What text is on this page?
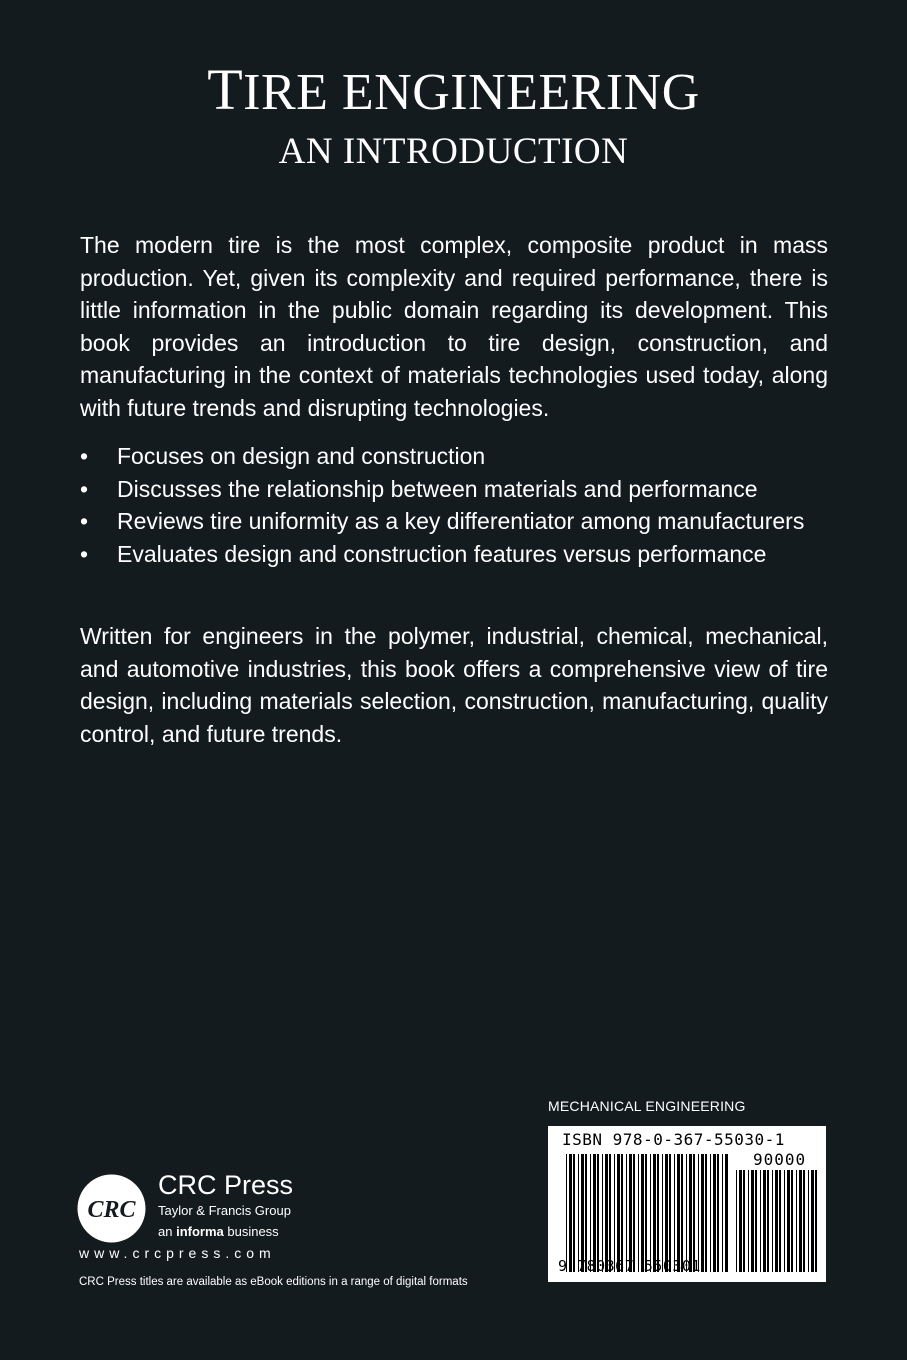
TIRE ENGINEERING
AN INTRODUCTION

The modern tire is the most complex, composite product in mass production. Yet, given its complexity and required performance, there is little information in the public domain regarding its development. This book provides an introduction to tire design, construction, and manufacturing in the context of materials technologies used today, along with future trends and disrupting technologies.

• Focuses on design and construction
• Discusses the relationship between materials and performance
• Reviews tire uniformity as a key differentiator among manufacturers
• Evaluates design and construction features versus performance

Written for engineers in the polymer, industrial, chemical, mechanical, and automotive industries, this book offers a comprehensive view of tire design, including materials selection, construction, manufacturing, quality control, and future trends.

MECHANICAL ENGINEERING
ISBN 978-0-367-55030-1
90000
9 780367 550301
CRC
CRC Press
Taylor & Francis Group
an informa business
www.crcpress.com
CRC Press titles are available as eBook editions in a range of digital formats
